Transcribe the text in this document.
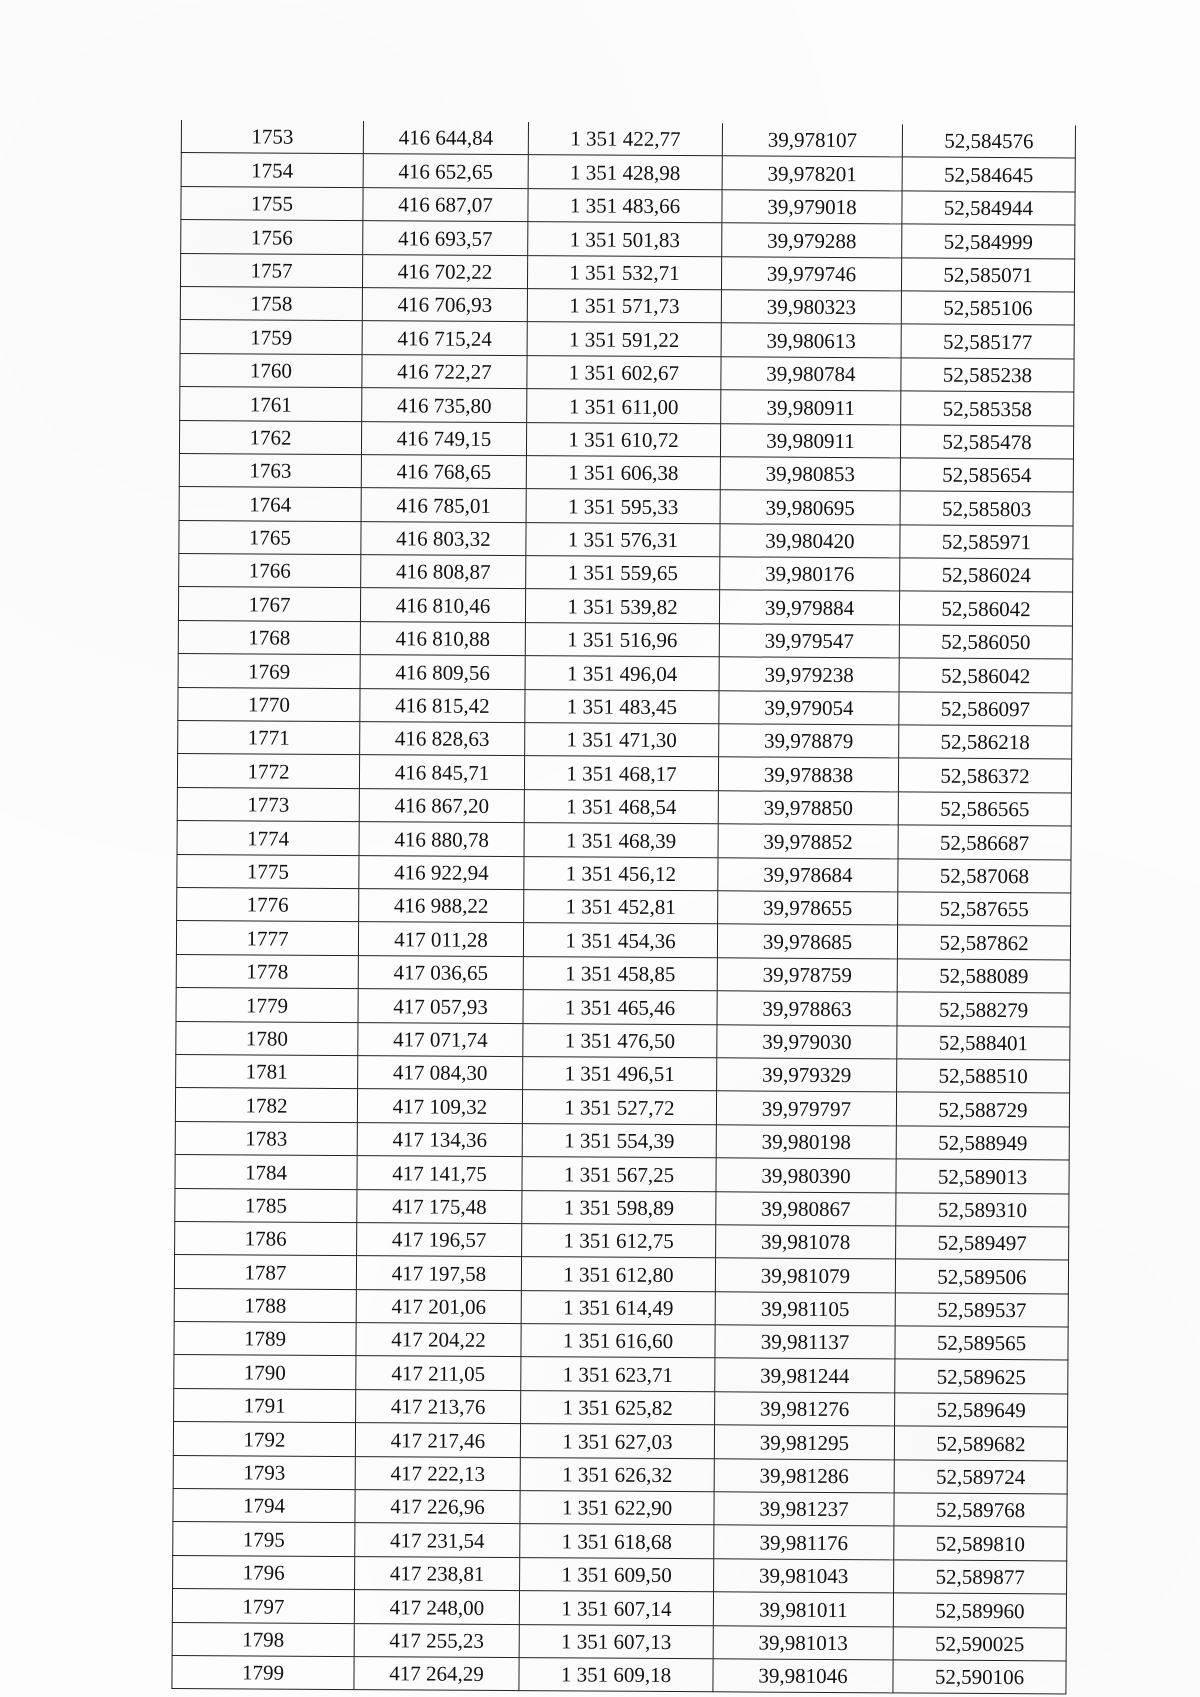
1753	416 644,84	1 351 422,77	39,978107	52,584576
1754	416 652,65	1 351 428,98	39,978201	52,584645
1755	416 687,07	1 351 483,66	39,979018	52,584944
1756	416 693,57	1 351 501,83	39,979288	52,584999
1757	416 702,22	1 351 532,71	39,979746	52,585071
1758	416 706,93	1 351 571,73	39,980323	52,585106
1759	416 715,24	1 351 591,22	39,980613	52,585177
1760	416 722,27	1 351 602,67	39,980784	52,585238
1761	416 735,80	1 351 611,00	39,980911	52,585358
1762	416 749,15	1 351 610,72	39,980911	52,585478
1763	416 768,65	1 351 606,38	39,980853	52,585654
1764	416 785,01	1 351 595,33	39,980695	52,585803
1765	416 803,32	1 351 576,31	39,980420	52,585971
1766	416 808,87	1 351 559,65	39,980176	52,586024
1767	416 810,46	1 351 539,82	39,979884	52,586042
1768	416 810,88	1 351 516,96	39,979547	52,586050
1769	416 809,56	1 351 496,04	39,979238	52,586042
1770	416 815,42	1 351 483,45	39,979054	52,586097
1771	416 828,63	1 351 471,30	39,978879	52,586218
1772	416 845,71	1 351 468,17	39,978838	52,586372
1773	416 867,20	1 351 468,54	39,978850	52,586565
1774	416 880,78	1 351 468,39	39,978852	52,586687
1775	416 922,94	1 351 456,12	39,978684	52,587068
1776	416 988,22	1 351 452,81	39,978655	52,587655
1777	417 011,28	1 351 454,36	39,978685	52,587862
1778	417 036,65	1 351 458,85	39,978759	52,588089
1779	417 057,93	1 351 465,46	39,978863	52,588279
1780	417 071,74	1 351 476,50	39,979030	52,588401
1781	417 084,30	1 351 496,51	39,979329	52,588510
1782	417 109,32	1 351 527,72	39,979797	52,588729
1783	417 134,36	1 351 554,39	39,980198	52,588949
1784	417 141,75	1 351 567,25	39,980390	52,589013
1785	417 175,48	1 351 598,89	39,980867	52,589310
1786	417 196,57	1 351 612,75	39,981078	52,589497
1787	417 197,58	1 351 612,80	39,981079	52,589506
1788	417 201,06	1 351 614,49	39,981105	52,589537
1789	417 204,22	1 351 616,60	39,981137	52,589565
1790	417 211,05	1 351 623,71	39,981244	52,589625
1791	417 213,76	1 351 625,82	39,981276	52,589649
1792	417 217,46	1 351 627,03	39,981295	52,589682
1793	417 222,13	1 351 626,32	39,981286	52,589724
1794	417 226,96	1 351 622,90	39,981237	52,589768
1795	417 231,54	1 351 618,68	39,981176	52,589810
1796	417 238,81	1 351 609,50	39,981043	52,589877
1797	417 248,00	1 351 607,14	39,981011	52,589960
1798	417 255,23	1 351 607,13	39,981013	52,590025
1799	417 264,29	1 351 609,18	39,981046	52,590106
